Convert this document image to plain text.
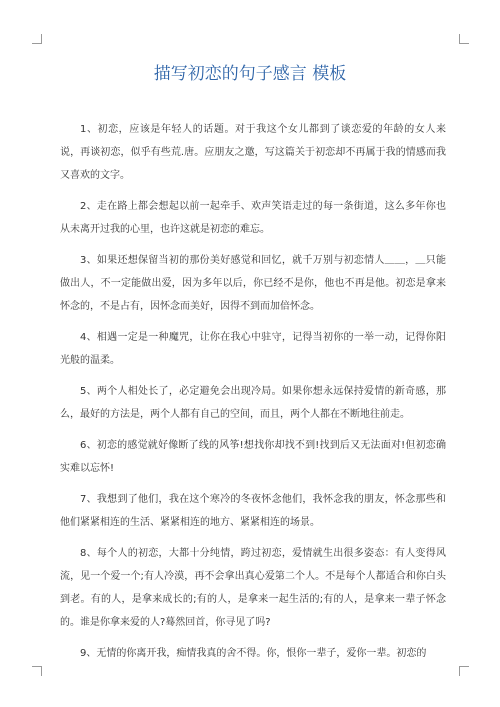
描写初恋的句子感言 模板

1、初恋，应该是年轻人的话题。对于我这个女儿都到了谈恋爱的年龄的女人来说，再谈初恋，似乎有些荒.唐。应朋友之邀，写这篇关于初恋却不再属于我的情感而我又喜欢的文字。

2、走在路上都会想起以前一起牵手、欢声笑语走过的每一条街道，这么多年你也从未离开过我的心里，也许这就是初恋的难忘。

3、如果还想保留当初的那份美好感觉和回忆，就千万别与初恋情人＿＿，＿只能做出人，不一定能做出爱，因为多年以后，你已经不是你，他也不再是他。初恋是拿来怀念的，不是占有，因怀念而美好，因得不到而加倍怀念。

4、相遇一定是一种魔咒，让你在我心中驻守，记得当初你的一举一动，记得你阳光般的温柔。

5、两个人相处长了，必定避免会出现冷局。如果你想永远保持爱情的新奇感，那么，最好的方法是，两个人都有自己的空间，而且，两个人都在不断地往前走。

6、初恋的感觉就好像断了线的风筝!想找你却找不到!找到后又无法面对!但初恋确实难以忘怀!

7、我想到了他们，我在这个寒冷的冬夜怀念他们，我怀念我的朋友，怀念那些和他们紧紧相连的生活、紧紧相连的地方、紧紧相连的场景。

8、每个人的初恋，大都十分纯情，跨过初恋，爱情就生出很多姿态：有人变得风流，见一个爱一个;有人冷漠，再不会拿出真心爱第二个人。不是每个人都适合和你白头到老。有的人，是拿来成长的;有的人，是拿来一起生活的;有的人，是拿来一辈子怀念的。谁是你拿来爱的人?蓦然回首，你寻见了吗?

9、无情的你离开我，痴情我真的舍不得。你，恨你一辈子，爱你一辈。初恋的
